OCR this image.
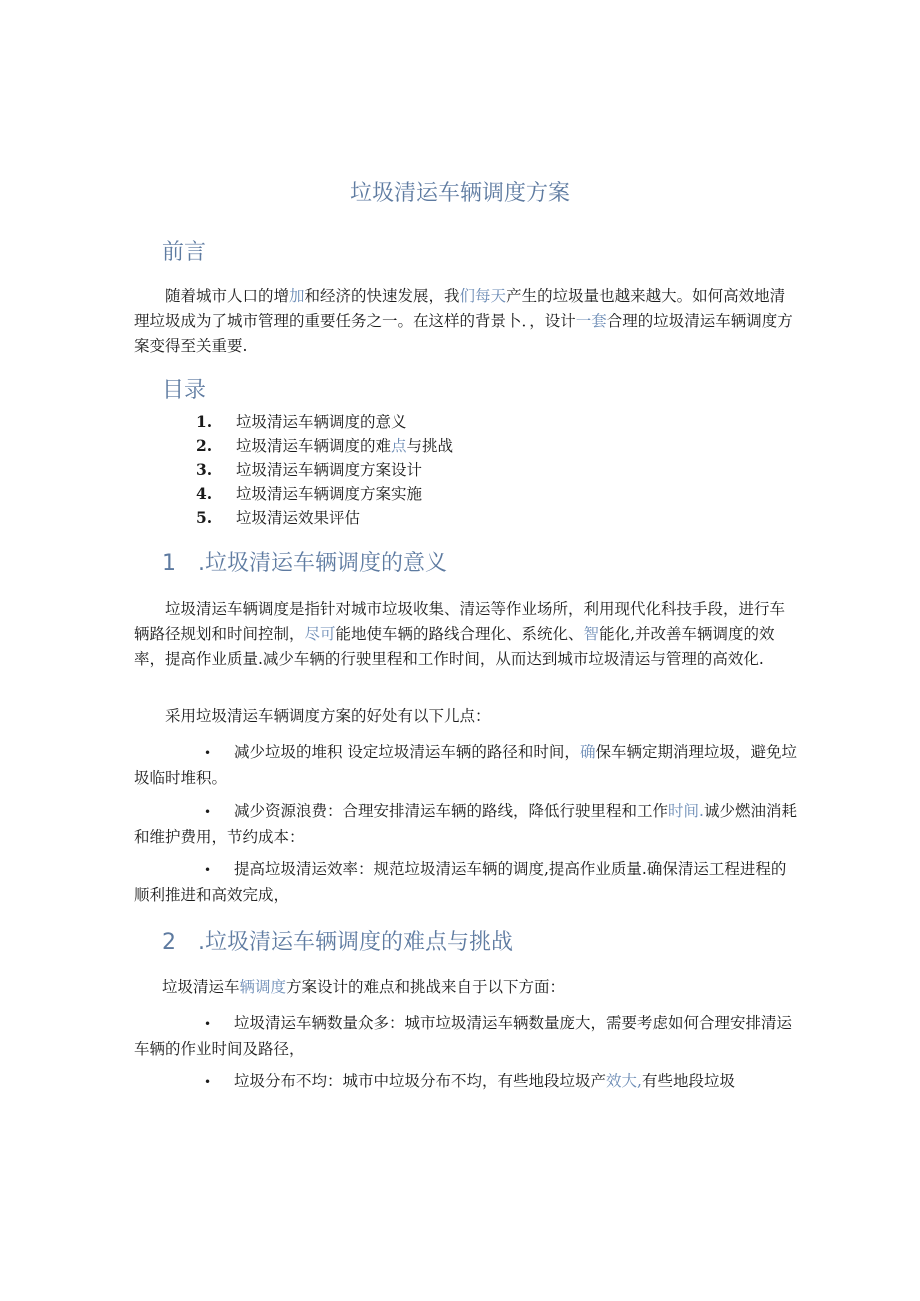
垃圾清运车辆调度方案
前言

随着城市人口的增加和经济的快速发展，我们每天产生的垃圾量也越来越大。如何高效地清理垃圾成为了城市管理的重要任务之一。在这样的背景卜．，设计一套合理的垃圾清运车辆调度方案变得至关重要.

目录
1. 垃圾清运车辆调度的意义
2. 垃圾清运车辆调度的难点与挑战
3. 垃圾清运车辆调度方案设计
4. 垃圾清运车辆调度方案实施
5. 垃圾清运效果评估
1　.垃圾清运车辆调度的意义

垃圾清运车辆调度是指针对城市垃圾收集、清运等作业场所，利用现代化科技手段，进行车辆路径规划和时间控制，尽可能地使车辆的路线合理化、系统化、智能化,并改善车辆调度的效率，提高作业质量.减少车辆的行驶里程和工作时间，从而达到城市垃圾清运与管理的高效化.

采用垃圾清运车辆调度方案的好处有以下儿点：

• 减少垃圾的堆积 设定垃圾清运车辆的路径和时间，确保车辆定期消理垃圾，避免垃圾临时堆积。

• 减少资源浪费：合理安排清运车辆的路线，降低行驶里程和工作时间.诚少燃油消耗和维护费用，节约成本：

• 提高垃圾清运效率：规范垃圾清运车辆的调度,提高作业质量.确保清运工程进程的顺利推进和高效完成，

2　.垃圾清运车辆调度的难点与挑战

垃圾清运车辆调度方案设计的难点和挑战来自于以下方面：

• 垃圾清运车辆数量众多：城市垃圾清运车辆数量庞大，需要考虑如何合理安排清运车辆的作业时间及路径，

• 垃圾分布不均：城市中垃圾分布不均，有些地段垃圾产效大,有些地段垃圾
